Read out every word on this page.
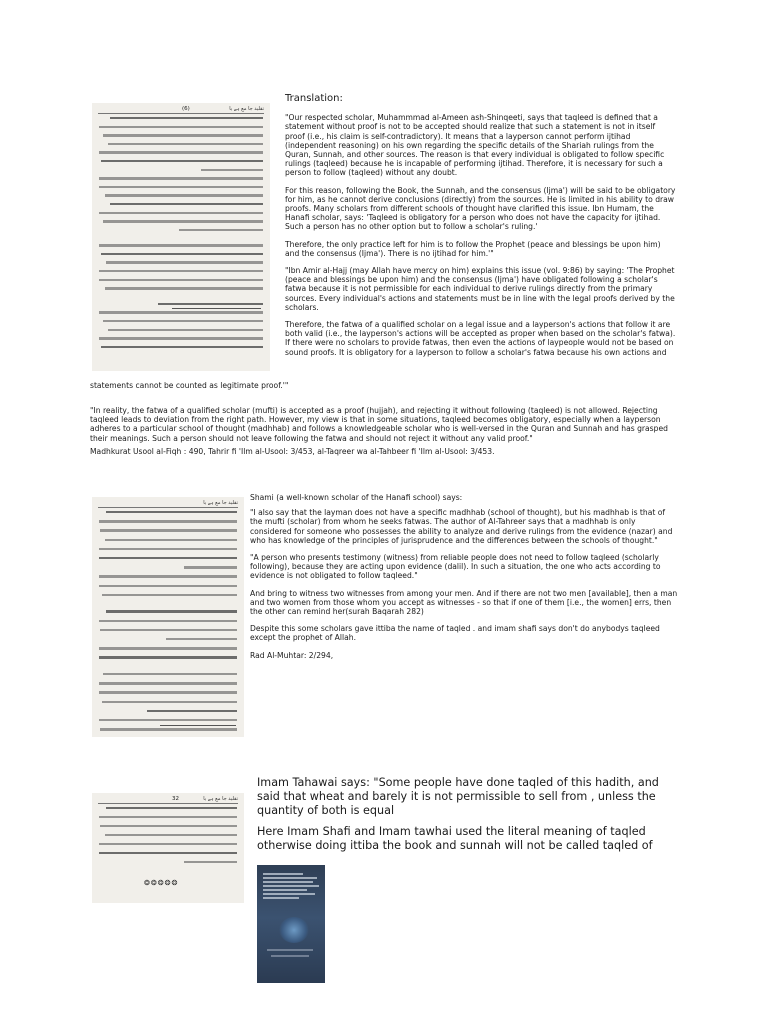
تقلید جا مع ہے یا
(6)
Translation:

"Our respected scholar, Muhammmad al-Ameen ash-Shinqeeti, says that taqleed is defined that a statement without proof is not to be accepted should realize that such a statement is not in itself proof (i.e., his claim is self-contradictory). It means that a layperson cannot perform ijtihad (independent reasoning) on his own regarding the specific details of the Shariah rulings from the Quran, Sunnah, and other sources. The reason is that every individual is obligated to follow specific rulings (taqleed) because he is incapable of performing ijtihad. Therefore, it is necessary for such a person to follow (taqleed) without any doubt.

For this reason, following the Book, the Sunnah, and the consensus (Ijma') will be said to be obligatory for him, as he cannot derive conclusions (directly) from the sources. He is limited in his ability to draw proofs. Many scholars from different schools of thought have clarified this issue. Ibn Humam, the Hanafi scholar, says: 'Taqleed is obligatory for a person who does not have the capacity for ijtihad. Such a person has no other option but to follow a scholar's ruling.'

Therefore, the only practice left for him is to follow the Prophet (peace and blessings be upon him) and the consensus (Ijma'). There is no ijtihad for him.'"

"Ibn Amir al-Hajj (may Allah have mercy on him) explains this issue (vol. 9:86) by saying: 'The Prophet (peace and blessings be upon him) and the consensus (Ijma') have obligated following a scholar's fatwa because it is not permissible for each individual to derive rulings directly from the primary sources. Every individual's actions and statements must be in line with the legal proofs derived by the scholars.

Therefore, the fatwa of a qualified scholar on a legal issue and a layperson's actions that follow it are both valid (i.e., the layperson's actions will be accepted as proper when based on the scholar's fatwa). If there were no scholars to provide fatwas, then even the actions of laypeople would not be based on sound proofs. It is obligatory for a layperson to follow a scholar's fatwa because his own actions and

statements cannot be counted as legitimate proof.'"

"In reality, the fatwa of a qualified scholar (mufti) is accepted as a proof (hujjah), and rejecting it without following (taqleed) is not allowed. Rejecting taqleed leads to deviation from the right path. However, my view is that in some situations, taqleed becomes obligatory, especially when a layperson adheres to a particular school of thought (madhhab) and follows a knowledgeable scholar who is well-versed in the Quran and Sunnah and has grasped their meanings. Such a person should not leave following the fatwa and should not reject it without any valid proof."

Madhkurat Usool al-Fiqh : 490, Tahrir fi 'Ilm al-Usool: 3/453, al-Taqreer wa al-Tahbeer fi 'Ilm al-Usool: 3/453.

تقلید جا مع ہے یا

Shami (a well-known scholar of the Hanafi school) says:

"I also say that the layman does not have a specific madhhab (school of thought), but his madhhab is that of the mufti (scholar) from whom he seeks fatwas. The author of Al-Tahreer says that a madhhab is only considered for someone who possesses the ability to analyze and derive rulings from the evidence (nazar) and who has knowledge of the principles of jurisprudence and the differences between the schools of thought."

"A person who presents testimony (witness) from reliable people does not need to follow taqleed (scholarly following), because they are acting upon evidence (dalil). In such a situation, the one who acts according to evidence is not obligated to follow taqleed."

And bring to witness two witnesses from among your men. And if there are not two men [available], then a man and two women from those whom you accept as witnesses - so that if one of them [i.e., the women] errs, then the other can remind her(surah Baqarah 282)

Despite this some scholars gave ittiba the name of taqled . and imam shafi says don't do anybodys taqleed except the prophet of Allah.

Rad Al-Muhtar: 2/294,

تقلید جا مع ہے یا
32
❂❂❂❂❂

Imam Tahawai says: "Some people have done taqled of this hadith, and said that wheat and barely it is not permissible to sell from , unless the quantity of both is equal

Here Imam Shafi and Imam tawhai used the literal meaning of taqled otherwise doing ittiba the book and sunnah will not be called taqled of
